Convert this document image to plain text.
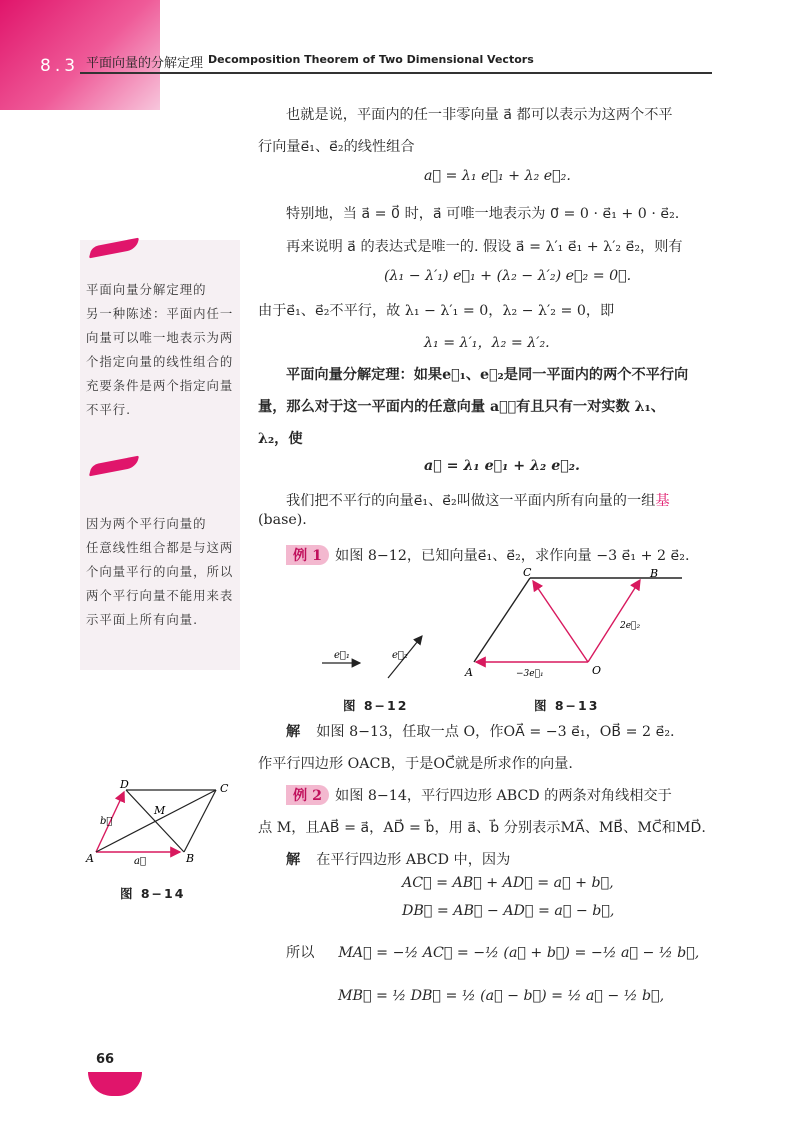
8.3 平面向量的分解定理 Decomposition Theorem of Two Dimensional Vectors
平面向量分解定理的
另一种陈述：平面内任一
向量可以唯一地表示为两
个指定向量的线性组合的
充要条件是两个指定向量
不平行.
因为两个平行向量的
任意线性组合都是与这两
个向量平行的向量，所以
两个平行向量不能用来表
示平面上所有向量.
也就是说，平面内的任一非零向量 a⃗ 都可以表示为这两个不平
行向量e⃗₁、e⃗₂的线性组合
a⃗ = λ₁ e⃗₁ + λ₂ e⃗₂.
特别地，当 a⃗ = 0⃗ 时，a⃗ 可唯一地表示为 0⃗ = 0 · e⃗₁ + 0 · e⃗₂.
再来说明 a⃗ 的表达式是唯一的. 假设 a⃗ = λ′₁ e⃗₁ + λ′₂ e⃗₂，则有
(λ₁ − λ′₁) e⃗₁ + (λ₂ − λ′₂) e⃗₂ = 0⃗.
由于e⃗₁、e⃗₂不平行，故 λ₁ − λ′₁ = 0，λ₂ − λ′₂ = 0，即
λ₁ = λ′₁，λ₂ = λ′₂.
平面向量分解定理：如果e⃗₁、e⃗₂是同一平面内的两个不平行向
量，那么对于这一平面内的任意向量 a⃗，有且只有一对实数 λ₁、
λ₂，使
a⃗ = λ₁ e⃗₁ + λ₂ e⃗₂.
我们把不平行的向量e⃗₁、e⃗₂叫做这一平面内所有向量的一组基
(base).
例 1 如图 8−12，已知向量e⃗₁、e⃗₂，求作向量 −3 e⃗₁ + 2 e⃗₂.
e⃗₁	e⃗₂
图 8−12
C	B
A	O
2e⃗₂
−3e⃗₁
图 8−13
解 如图 8−13，任取一点 O，作OA⃗ = −3 e⃗₁，OB⃗ = 2 e⃗₂.
作平行四边形 OACB，于是OC⃗就是所求作的向量.
例 2 如图 8−14，平行四边形 ABCD 的两条对角线相交于
点 M，且AB⃗ = a⃗，AD⃗ = b⃗，用 a⃗、b⃗ 分别表示MA⃗、MB⃗、MC⃗和MD⃗.
D	C
A	B
M
a⃗
b⃗
图 8−14
解 在平行四边形 ABCD 中，因为
AC⃗ = AB⃗ + AD⃗ = a⃗ + b⃗,
DB⃗ = AB⃗ − AD⃗ = a⃗ − b⃗,
所以 MA⃗ = −½ AC⃗ = −½ (a⃗ + b⃗) = −½ a⃗ − ½ b⃗,
MB⃗ = ½ DB⃗ = ½ (a⃗ − b⃗) = ½ a⃗ − ½ b⃗,
66
